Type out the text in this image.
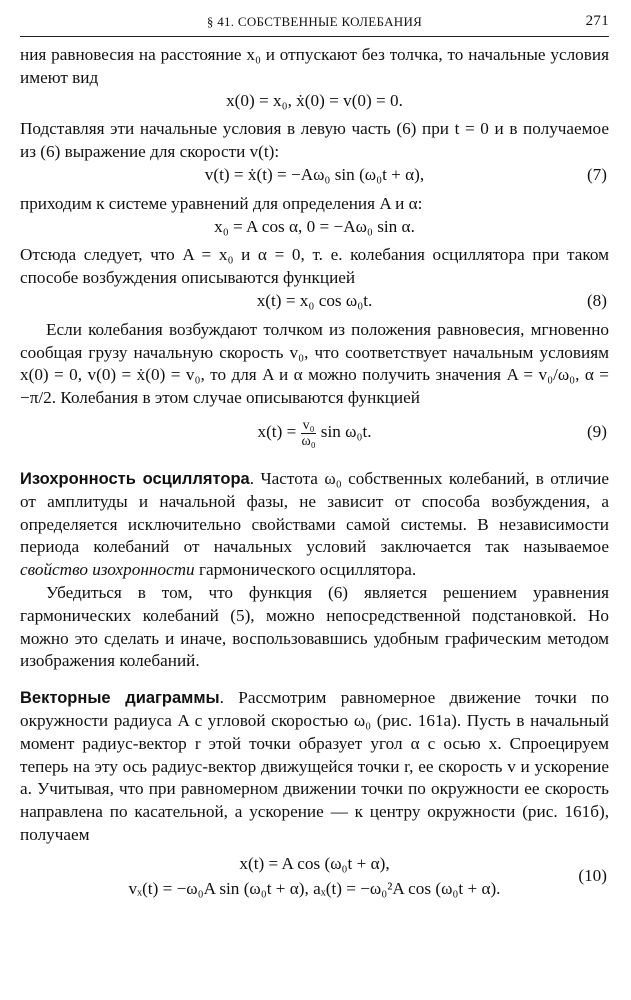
§ 41. СОБСТВЕННЫЕ КОЛЕБАНИЯ	271

ния равновесия на расстояние x₀ и отпускают без толчка, то начальные условия имеют вид

x(0) = x₀, ẋ(0) = v(0) = 0.

Подставляя эти начальные условия в левую часть (6) при t = 0 и в получаемое из (6) выражение для скорости v(t):

v(t) = ẋ(t) = −Aω₀ sin (ω₀t + α),	(7)

приходим к системе уравнений для определения A и α:

x₀ = A cos α, 0 = −Aω₀ sin α.

Отсюда следует, что A = x₀ и α = 0, т. е. колебания осциллятора при таком способе возбуждения описываются функцией

x(t) = x₀ cos ω₀t.	(8)

Если колебания возбуждают толчком из положения равновесия, мгновенно сообщая грузу начальную скорость v₀, что соответствует начальным условиям x(0) = 0, v(0) = ẋ(0) = v₀, то для A и α можно получить значения A = v₀/ω₀, α = −π/2. Колебания в этом случае описываются функцией

$x(t) = \frac{\text{v₀}}{\text{ω₀}}$ sin ω₀t.	(9)

Изохронность осциллятора. Частота ω₀ собственных колебаний, в отличие от амплитуды и начальной фазы, не зависит от способа возбуждения, а определяется исключительно свойствами самой системы. В независимости периода колебаний от начальных условий заключается так называемое свойство изохронности гармонического осциллятора.

Убедиться в том, что функция (6) является решением уравнения гармонических колебаний (5), можно непосредственной подстановкой. Но можно это сделать и иначе, воспользовавшись удобным графическим методом изображения колебаний.

Векторные диаграммы. Рассмотрим равномерное движение точки по окружности радиуса A с угловой скоростью ω₀ (рис. 161а). Пусть в начальный момент радиус-вектор r этой точки образует угол α с осью x. Спроецируем теперь на эту ось радиус-вектор движущейся точки r, ее скорость v и ускорение a. Учитывая, что при равномерном движении точки по окружности ее скорость направлена по касательной, а ускорение — к центру окружности (рис. 161б), получаем

x(t) = A cos (ω₀t + α),
vₓ(t) = −ω₀A sin (ω₀t + α), aₓ(t) = −ω₀²A cos (ω₀t + α).
(10)
